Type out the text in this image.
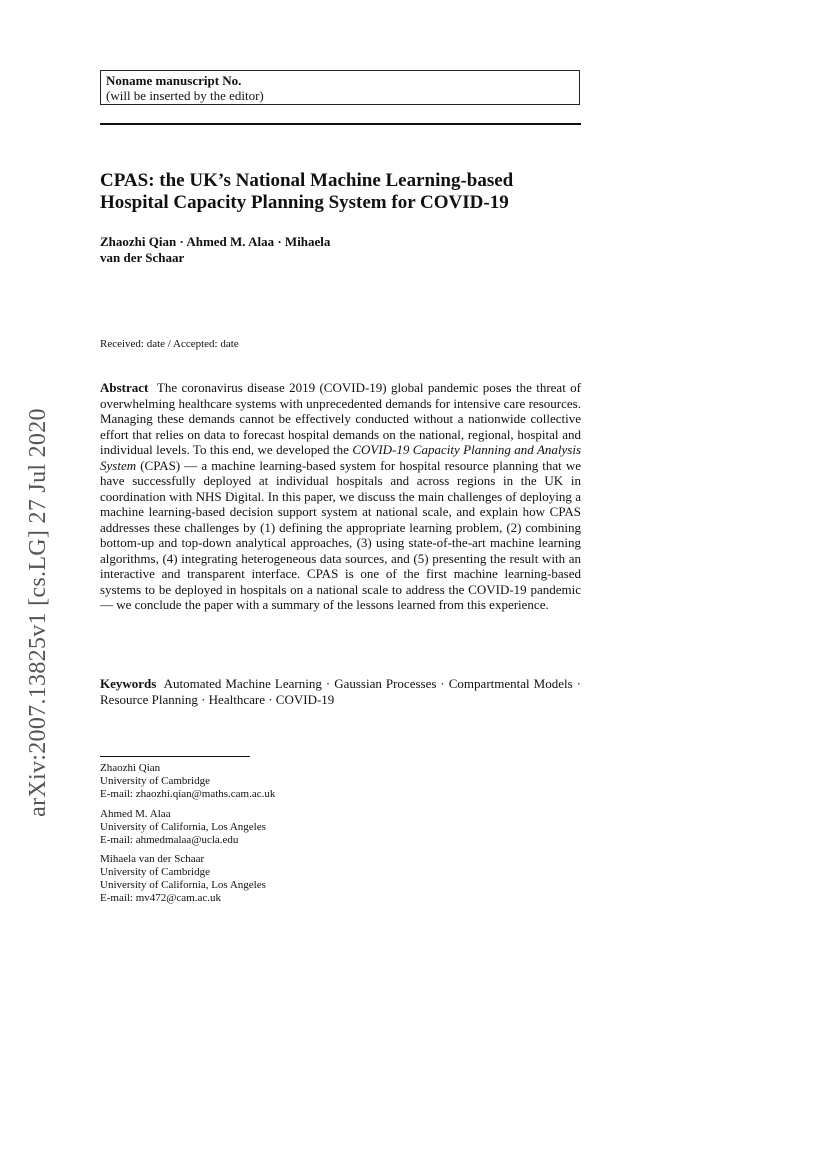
arXiv:2007.13825v1 [cs.LG] 27 Jul 2020
Noname manuscript No.
(will be inserted by the editor)
CPAS: the UK’s National Machine Learning-based
Hospital Capacity Planning System for COVID-19
Zhaozhi Qian · Ahmed M. Alaa · Mihaela
van der Schaar
Received: date / Accepted: date

Abstract The coronavirus disease 2019 (COVID-19) global pandemic poses the threat of overwhelming healthcare systems with unprecedented demands for intensive care resources. Managing these demands cannot be effectively conducted without a nationwide collective effort that relies on data to forecast hospital demands on the national, regional, hospital and individual levels. To this end, we developed the COVID-19 Capacity Planning and Analysis System (CPAS) — a machine learning-based system for hospital resource planning that we have successfully deployed at individual hospitals and across regions in the UK in coordination with NHS Digital. In this paper, we discuss the main challenges of deploying a machine learning-based decision support system at national scale, and explain how CPAS addresses these challenges by (1) defining the appropriate learning problem, (2) combining bottom-up and top-down analytical approaches, (3) using state-of-the-art machine learning algorithms, (4) integrating heterogeneous data sources, and (5) presenting the result with an interactive and transparent interface. CPAS is one of the first machine learning-based systems to be deployed in hospitals on a national scale to address the COVID-19 pandemic — we conclude the paper with a summary of the lessons learned from this experience.

Keywords Automated Machine Learning · Gaussian Processes · Compartmental Models · Resource Planning · Healthcare · COVID-19

Zhaozhi Qian
University of Cambridge
E-mail: zhaozhi.qian@maths.cam.ac.uk
Ahmed M. Alaa
University of California, Los Angeles
E-mail: ahmedmalaa@ucla.edu
Mihaela van der Schaar
University of Cambridge
University of California, Los Angeles
E-mail: mv472@cam.ac.uk
